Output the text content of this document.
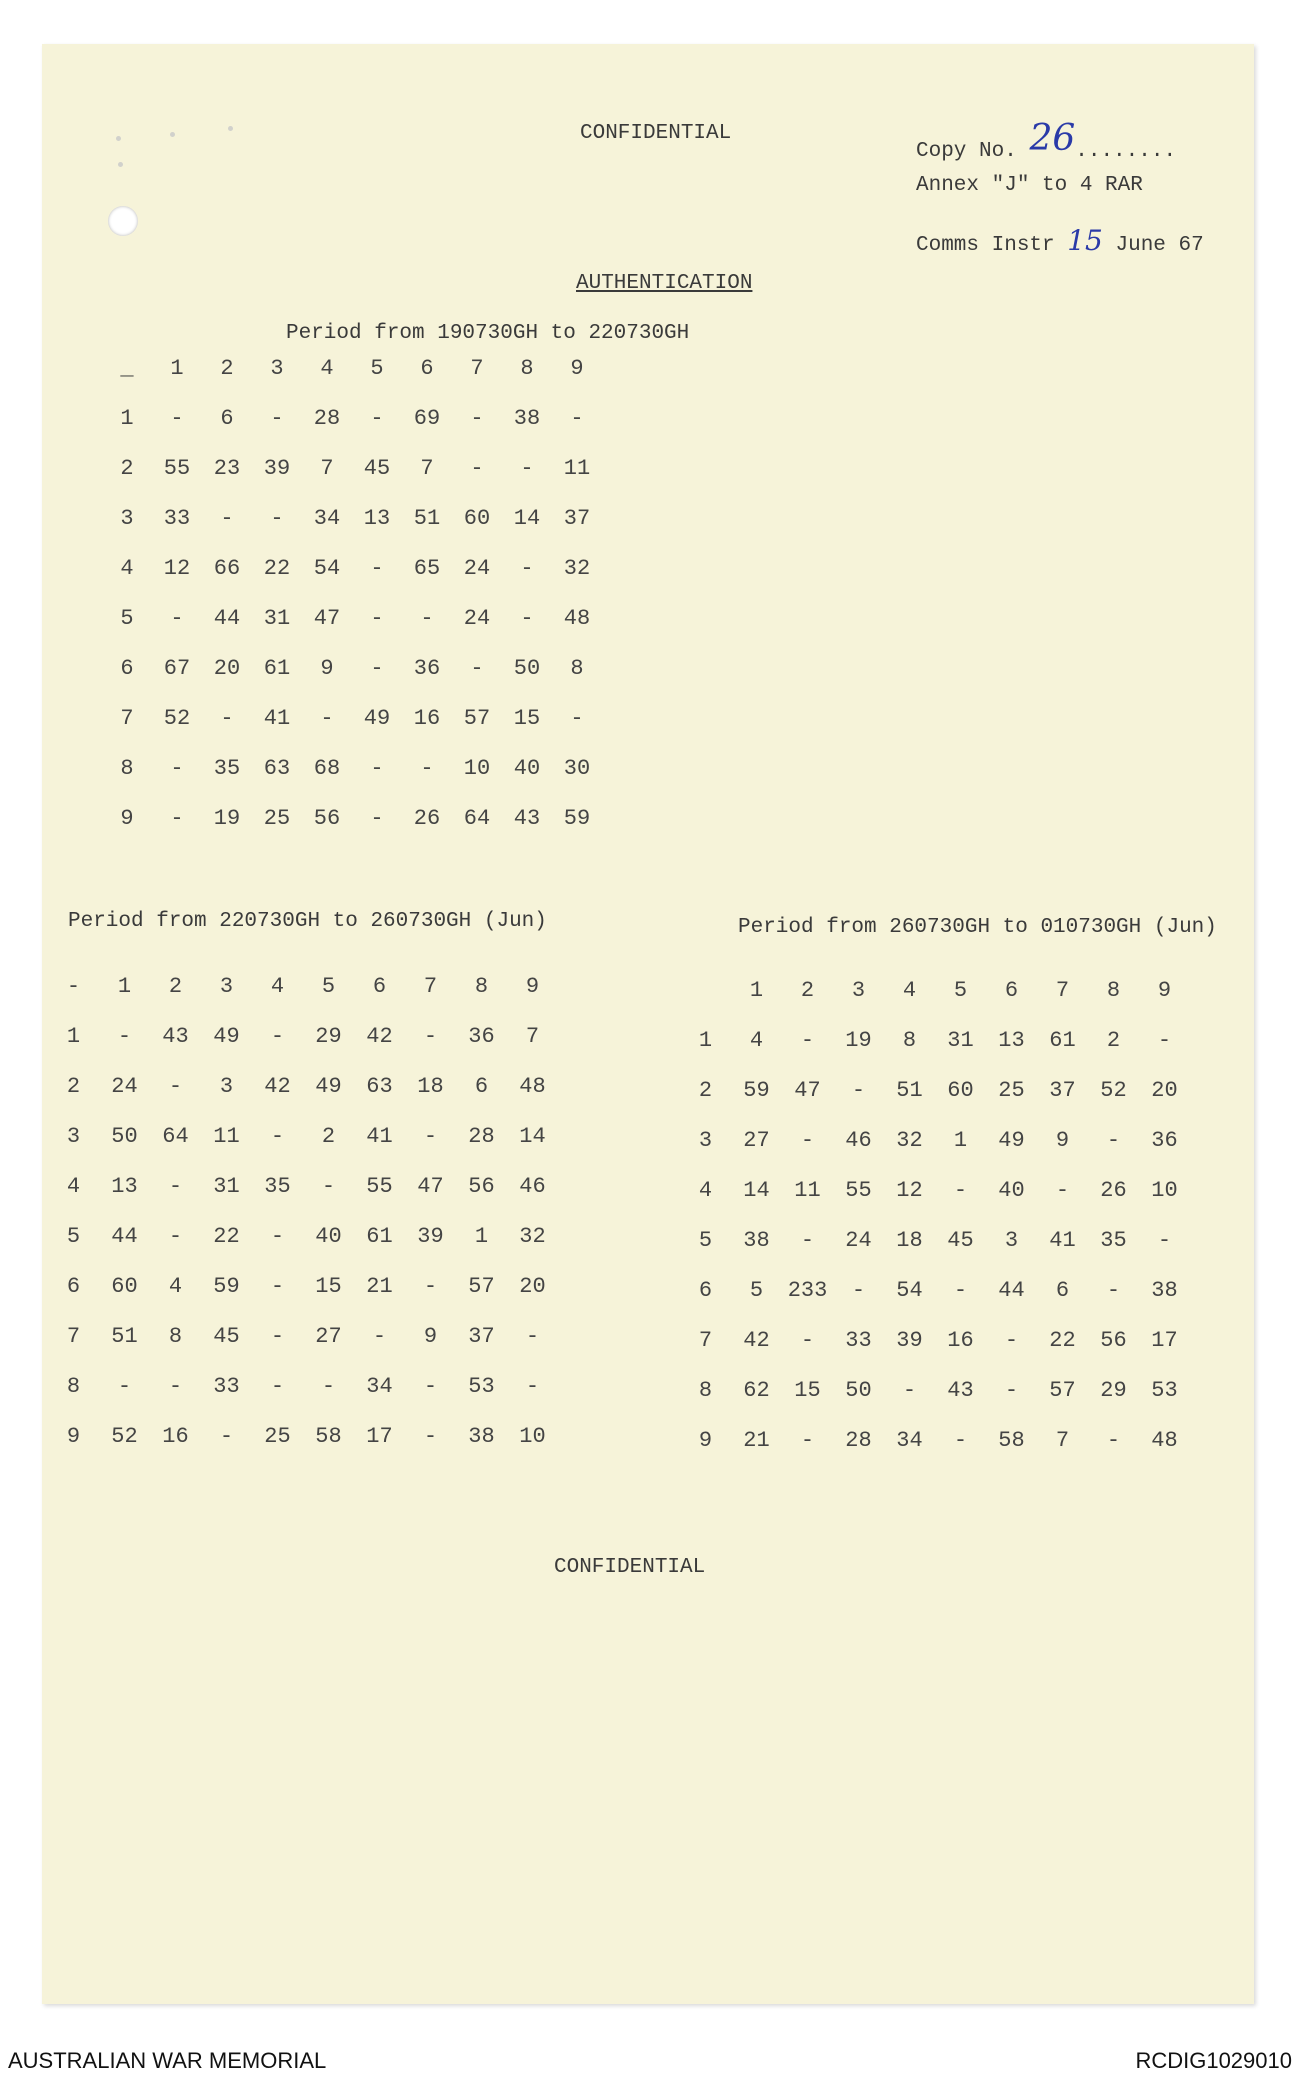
CONFIDENTIAL
Copy No. 26........
Annex "J" to 4 RAR
Comms Instr 15 June 67
AUTHENTICATION
Period from 190730GH to 220730GH
_	1	2	3	4	5	6	7	8	9
1	-	6	-	28	-	69	-	38	-
2	55	23	39	7	45	7	-	-	11
3	33	-	-	34	13	51	60	14	37
4	12	66	22	54	-	65	24	-	32
5	-	44	31	47	-	-	24	-	48
6	67	20	61	9	-	36	-	50	8
7	52	-	41	-	49	16	57	15	-
8	-	35	63	68	-	-	10	40	30
9	-	19	25	56	-	26	64	43	59
Period from 220730GH to 260730GH (Jun)
-	1	2	3	4	5	6	7	8	9
1	-	43	49	-	29	42	-	36	7
2	24	-	3	42	49	63	18	6	48
3	50	64	11	-	2	41	-	28	14
4	13	-	31	35	-	55	47	56	46
5	44	-	22	-	40	61	39	1	32
6	60	4	59	-	15	21	-	57	20
7	51	8	45	-	27	-	9	37	-
8	-	-	33	-	-	34	-	53	-
9	52	16	-	25	58	17	-	38	10
Period from 260730GH to 010730GH (Jun)
	1	2	3	4	5	6	7	8	9
1	4	-	19	8	31	13	61	2	-
2	59	47	-	51	60	25	37	52	20
3	27	-	46	32	1	49	9	-	36
4	14	11	55	12	-	40	-	26	10
5	38	-	24	18	45	3	41	35	-
6	5	233	-	54	-	44	6	-	38
7	42	-	33	39	16	-	22	56	17
8	62	15	50	-	43	-	57	29	53
9	21	-	28	34	-	58	7	-	48
CONFIDENTIAL
AUSTRALIAN WAR MEMORIAL	RCDIG1029010
